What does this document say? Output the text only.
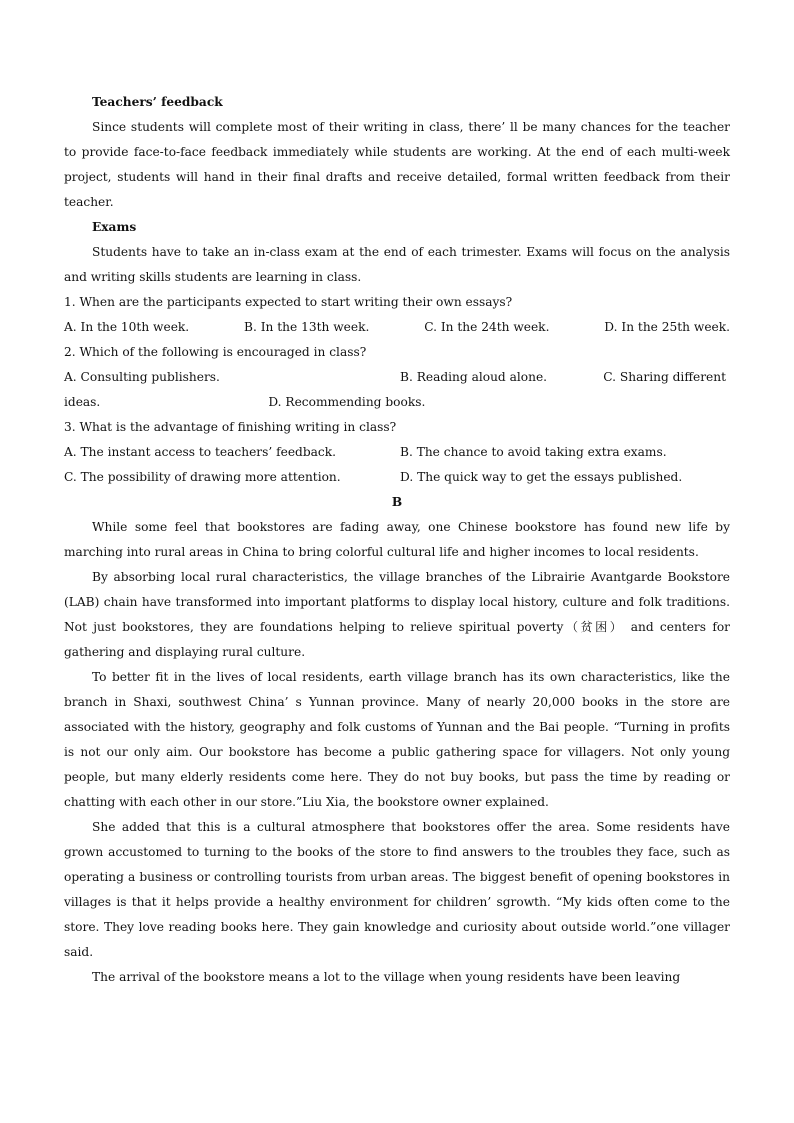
Teachers’ feedback

Since students will complete most of their writing in class, there’ ll be many chances for the teacher to provide face-to-face feedback immediately while students are working. At the end of each multi-week project, students will hand in their final drafts and receive detailed, formal written feedback from their teacher.

Exams

Students have to take an in-class exam at the end of each trimester. Exams will focus on the analysis and writing skills students are learning in class.

1. When are the participants expected to start writing their own essays?

A. In the 10th week.	B. In the 13th week.	C. In the 24th week.	D. In the 25th week.

2. Which of the following is encouraged in class?

A. Consulting publishers.	B. Reading aloud alone.	C. Sharing different
ideas.	D. Recommending books.

3. What is the advantage of finishing writing in class?

A. The instant access to teachers’ feedback.	B. The chance to avoid taking extra exams.
C. The possibility of drawing more attention.	D. The quick way to get the essays published.

B

While some feel that bookstores are fading away, one Chinese bookstore has found new life by marching into rural areas in China to bring colorful cultural life and higher incomes to local residents.

By absorbing local rural characteristics, the village branches of the Librairie Avantgarde Bookstore (LAB) chain have transformed into important platforms to display local history, culture and folk traditions. Not just bookstores, they are foundations helping to relieve spiritual poverty（贫困） and centers for gathering and displaying rural culture.

To better fit in the lives of local residents, earth village branch has its own characteristics, like the branch in Shaxi, southwest China’ s Yunnan province. Many of nearly 20,000 books in the store are associated with the history, geography and folk customs of Yunnan and the Bai people. “Turning in profits is not our only aim. Our bookstore has become a public gathering space for villagers. Not only young people, but many elderly residents come here. They do not buy books, but pass the time by reading or chatting with each other in our store.”Liu Xia, the bookstore owner explained.

She added that this is a cultural atmosphere that bookstores offer the area. Some residents have grown accustomed to turning to the books of the store to find answers to the troubles they face, such as operating a business or controlling tourists from urban areas. The biggest benefit of opening bookstores in villages is that it helps provide a healthy environment for children’ sgrowth. “My kids often come to the store. They love reading books here. They gain knowledge and curiosity about outside world.”one villager said.

The arrival of the bookstore means a lot to the village when young residents have been leaving
